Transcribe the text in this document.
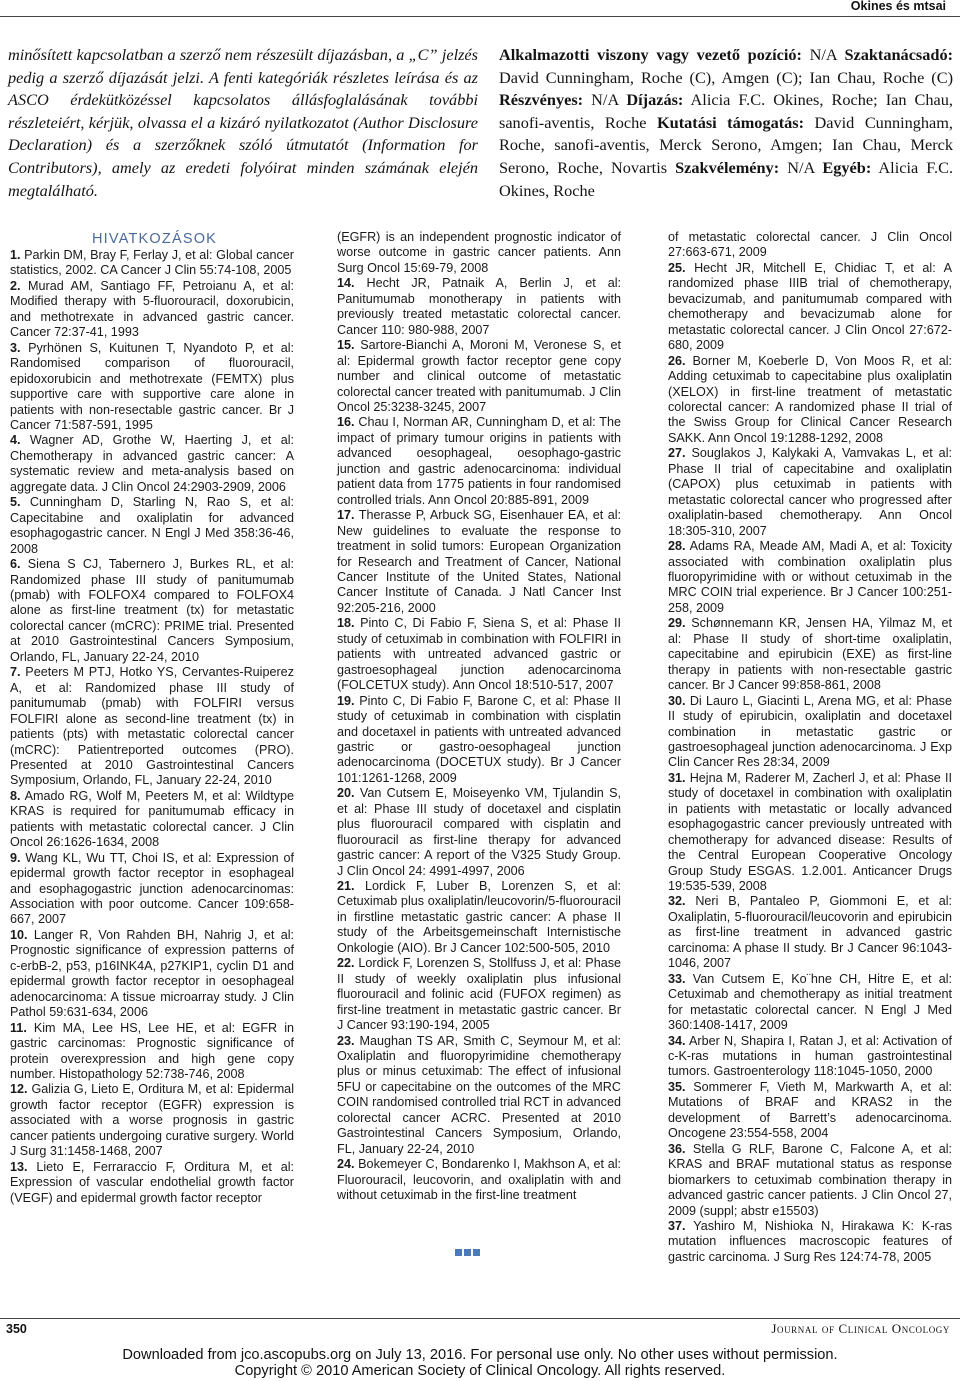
Okines és mtsai

minősített kapcsolatban a szerző nem részesült díjazásban, a „C” jelzés pedig a szerző díjazását jelzi. A fenti kategóriák részletes leírása és az ASCO érdekütközéssel kapcsolatos állásfoglalásának további részleteiért, kérjük, olvassa el a kizáró nyilatkozatot (Author Disclosure Declaration) és a szerzőknek szóló útmutatót (Information for Contributors), amely az eredeti folyóirat minden számának elején megtalálható.

Alkalmazotti viszony vagy vezető pozíció: N/A Szaktanácsadó: David Cunningham, Roche (C), Amgen (C); Ian Chau, Roche (C) Részvényes: N/A Díjazás: Alicia F.C. Okines, Roche; Ian Chau, sanofi-aventis, Roche Kutatási támogatás: David Cunningham, Roche, sanofi-aventis, Merck Serono, Amgen; Ian Chau, Merck Serono, Roche, Novartis Szakvélemény: N/A Egyéb: Alicia F.C. Okines, Roche

HIVATKOZÁSOK

1. Parkin DM, Bray F, Ferlay J, et al: Global cancer statistics, 2002. CA Cancer J Clin 55:74-108, 2005

2. Murad AM, Santiago FF, Petroianu A, et al: Modified therapy with 5-fluorouracil, doxorubicin, and methotrexate in advanced gastric cancer. Cancer 72:37-41, 1993

3. Pyrhönen S, Kuitunen T, Nyandoto P, et al: Randomised comparison of fluorouracil, epidoxorubicin and methotrexate (FEMTX) plus supportive care with supportive care alone in patients with non-resectable gastric cancer. Br J Cancer 71:587-591, 1995

4. Wagner AD, Grothe W, Haerting J, et al: Chemotherapy in advanced gastric cancer: A systematic review and meta-analysis based on aggregate data. J Clin Oncol 24:2903-2909, 2006

5. Cunningham D, Starling N, Rao S, et al: Capecitabine and oxaliplatin for advanced esophagogastric cancer. N Engl J Med 358:36-46, 2008

6. Siena S CJ, Tabernero J, Burkes RL, et al: Randomized phase III study of panitumumab (pmab) with FOLFOX4 compared to FOLFOX4 alone as first-line treatment (tx) for metastatic colorectal cancer (mCRC): PRIME trial. Presented at 2010 Gastrointestinal Cancers Symposium, Orlando, FL, January 22-24, 2010

7. Peeters M PTJ, Hotko YS, Cervantes-Ruiperez A, et al: Randomized phase III study of panitumumab (pmab) with FOLFIRI versus FOLFIRI alone as second-line treatment (tx) in patients (pts) with metastatic colorectal cancer (mCRC): Patientreported outcomes (PRO). Presented at 2010 Gastrointestinal Cancers Symposium, Orlando, FL, January 22-24, 2010

8. Amado RG, Wolf M, Peeters M, et al: Wildtype KRAS is required for panitumumab efficacy in patients with metastatic colorectal cancer. J Clin Oncol 26:1626-1634, 2008

9. Wang KL, Wu TT, Choi IS, et al: Expression of epidermal growth factor receptor in esophageal and esophagogastric junction adenocarcinomas: Association with poor outcome. Cancer 109:658-667, 2007

10. Langer R, Von Rahden BH, Nahrig J, et al: Prognostic significance of expression patterns of c-erbB-2, p53, p16INK4A, p27KIP1, cyclin D1 and epidermal growth factor receptor in oesophageal adenocarcinoma: A tissue microarray study. J Clin Pathol 59:631-634, 2006

11. Kim MA, Lee HS, Lee HE, et al: EGFR in gastric carcinomas: Prognostic significance of protein overexpression and high gene copy number. Histopathology 52:738-746, 2008

12. Galizia G, Lieto E, Orditura M, et al: Epidermal growth factor receptor (EGFR) expression is associated with a worse prognosis in gastric cancer patients undergoing curative surgery. World J Surg 31:1458-1468, 2007

13. Lieto E, Ferraraccio F, Orditura M, et al: Expression of vascular endothelial growth factor (VEGF) and epidermal growth factor receptor

(EGFR) is an independent prognostic indicator of worse outcome in gastric cancer patients. Ann Surg Oncol 15:69-79, 2008

14. Hecht JR, Patnaik A, Berlin J, et al: Panitumumab monotherapy in patients with previously treated metastatic colorectal cancer. Cancer 110: 980-988, 2007

15. Sartore-Bianchi A, Moroni M, Veronese S, et al: Epidermal growth factor receptor gene copy number and clinical outcome of metastatic colorectal cancer treated with panitumumab. J Clin Oncol 25:3238-3245, 2007

16. Chau I, Norman AR, Cunningham D, et al: The impact of primary tumour origins in patients with advanced oesophageal, oesophago-gastric junction and gastric adenocarcinoma: individual patient data from 1775 patients in four randomised controlled trials. Ann Oncol 20:885-891, 2009

17. Therasse P, Arbuck SG, Eisenhauer EA, et al: New guidelines to evaluate the response to treatment in solid tumors: European Organization for Research and Treatment of Cancer, National Cancer Institute of the United States, National Cancer Institute of Canada. J Natl Cancer Inst 92:205-216, 2000

18. Pinto C, Di Fabio F, Siena S, et al: Phase II study of cetuximab in combination with FOLFIRI in patients with untreated advanced gastric or gastroesophageal junction adenocarcinoma (FOLCETUX study). Ann Oncol 18:510-517, 2007

19. Pinto C, Di Fabio F, Barone C, et al: Phase II study of cetuximab in combination with cisplatin and docetaxel in patients with untreated advanced gastric or gastro-oesophageal junction adenocarcinoma (DOCETUX study). Br J Cancer 101:1261-1268, 2009

20. Van Cutsem E, Moiseyenko VM, Tjulandin S, et al: Phase III study of docetaxel and cisplatin plus fluorouracil compared with cisplatin and fluorouracil as first-line therapy for advanced gastric cancer: A report of the V325 Study Group. J Clin Oncol 24: 4991-4997, 2006

21. Lordick F, Luber B, Lorenzen S, et al: Cetuximab plus oxaliplatin/leucovorin/5-fluorouracil in firstline metastatic gastric cancer: A phase II study of the Arbeitsgemeinschaft Internistische Onkologie (AIO). Br J Cancer 102:500-505, 2010

22. Lordick F, Lorenzen S, Stollfuss J, et al: Phase II study of weekly oxaliplatin plus infusional fluorouracil and folinic acid (FUFOX regimen) as first-line treatment in metastatic gastric cancer. Br J Cancer 93:190-194, 2005

23. Maughan TS AR, Smith C, Seymour M, et al: Oxaliplatin and fluoropyrimidine chemotherapy plus or minus cetuximab: The effect of infusional 5FU or capecitabine on the outcomes of the MRC COIN randomised controlled trial RCT in advanced colorectal cancer ACRC. Presented at 2010 Gastrointestinal Cancers Symposium, Orlando, FL, January 22-24, 2010

24. Bokemeyer C, Bondarenko I, Makhson A, et al: Fluorouracil, leucovorin, and oxaliplatin with and without cetuximab in the first-line treatment

of metastatic colorectal cancer. J Clin Oncol 27:663-671, 2009

25. Hecht JR, Mitchell E, Chidiac T, et al: A randomized phase IIIB trial of chemotherapy, bevacizumab, and panitumumab compared with chemotherapy and bevacizumab alone for metastatic colorectal cancer. J Clin Oncol 27:672-680, 2009

26. Borner M, Koeberle D, Von Moos R, et al: Adding cetuximab to capecitabine plus oxaliplatin (XELOX) in first-line treatment of metastatic colorectal cancer: A randomized phase II trial of the Swiss Group for Clinical Cancer Research SAKK. Ann Oncol 19:1288-1292, 2008

27. Souglakos J, Kalykaki A, Vamvakas L, et al: Phase II trial of capecitabine and oxaliplatin (CAPOX) plus cetuximab in patients with metastatic colorectal cancer who progressed after oxaliplatin-based chemotherapy. Ann Oncol 18:305-310, 2007

28. Adams RA, Meade AM, Madi A, et al: Toxicity associated with combination oxaliplatin plus fluoropyrimidine with or without cetuximab in the MRC COIN trial experience. Br J Cancer 100:251-258, 2009

29. Schønnemann KR, Jensen HA, Yilmaz M, et al: Phase II study of short-time oxaliplatin, capecitabine and epirubicin (EXE) as first-line therapy in patients with non-resectable gastric cancer. Br J Cancer 99:858-861, 2008

30. Di Lauro L, Giacinti L, Arena MG, et al: Phase II study of epirubicin, oxaliplatin and docetaxel combination in metastatic gastric or gastroesophageal junction adenocarcinoma. J Exp Clin Cancer Res 28:34, 2009

31. Hejna M, Raderer M, Zacherl J, et al: Phase II study of docetaxel in combination with oxaliplatin in patients with metastatic or locally advanced esophagogastric cancer previously untreated with chemotherapy for advanced disease: Results of the Central European Cooperative Oncology Group Study ESGAS. 1.2.001. Anticancer Drugs 19:535-539, 2008

32. Neri B, Pantaleo P, Giommoni E, et al: Oxaliplatin, 5-fluorouracil/leucovorin and epirubicin as first-line treatment in advanced gastric carcinoma: A phase II study. Br J Cancer 96:1043-1046, 2007

33. Van Cutsem E, Ko¨hne CH, Hitre E, et al: Cetuximab and chemotherapy as initial treatment for metastatic colorectal cancer. N Engl J Med 360:1408-1417, 2009

34. Arber N, Shapira I, Ratan J, et al: Activation of c-K-ras mutations in human gastrointestinal tumors. Gastroenterology 118:1045-1050, 2000

35. Sommerer F, Vieth M, Markwarth A, et al: Mutations of BRAF and KRAS2 in the development of Barrett’s adenocarcinoma. Oncogene 23:554-558, 2004

36. Stella G RLF, Barone C, Falcone A, et al: KRAS and BRAF mutational status as response biomarkers to cetuximab combination therapy in advanced gastric cancer patients. J Clin Oncol 27, 2009 (suppl; abstr e15503)

37. Yashiro M, Nishioka N, Hirakawa K: K-ras mutation influences macroscopic features of gastric carcinoma. J Surg Res 124:74-78, 2005

350	Journal of Clinical Oncology

Downloaded from jco.ascopubs.org on July 13, 2016. For personal use only. No other uses without permission.

Copyright © 2010 American Society of Clinical Oncology. All rights reserved.
